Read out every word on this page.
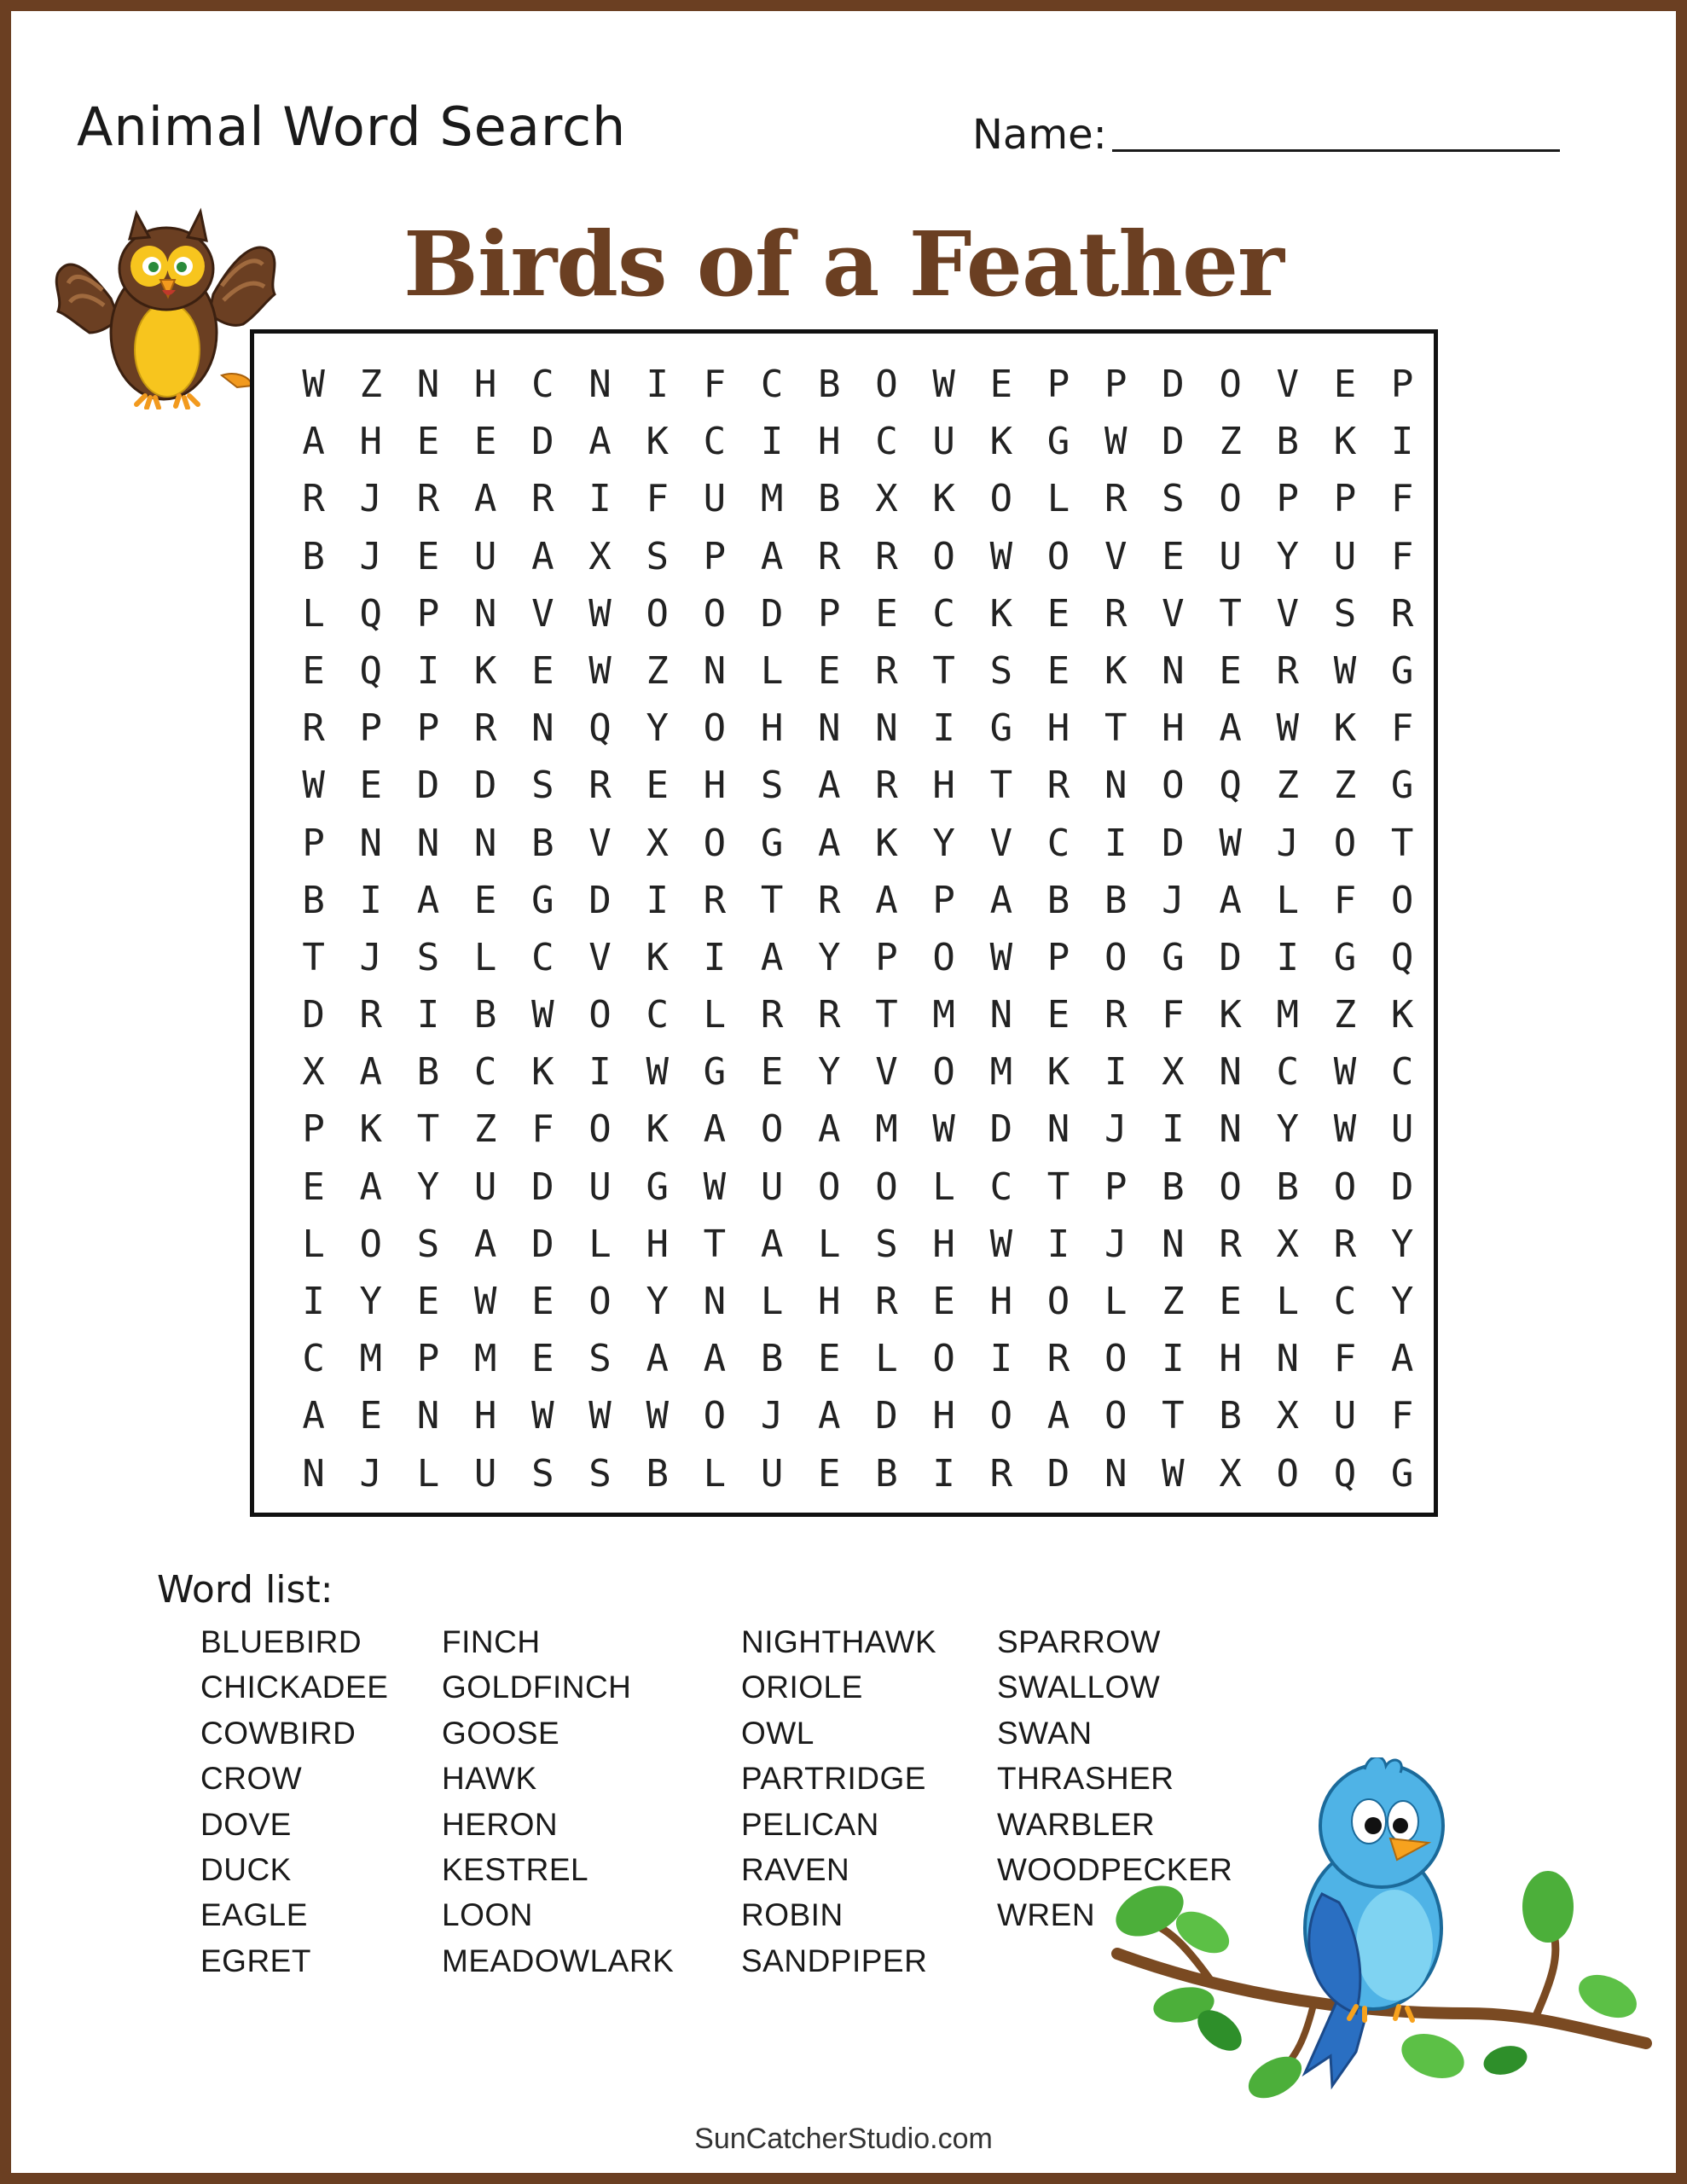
Animal Word Search	Name:
Birds of a Feather
W Z N H C N I F C B O W E P P D O V E P
A H E E D A K C I H C U K G W D Z B K I
R J R A R I F U M B X K O L R S O P P F
B J E U A X S P A R R O W O V E U Y U F
L Q P N V W O O D P E C K E R V T V S R
E Q I K E W Z N L E R T S E K N E R W G
R P P R N Q Y O H N N I G H T H A W K F
W E D D S R E H S A R H T R N O Q Z Z G
P N N N B V X O G A K Y V C I D W J O T
B I A E G D I R T R A P A B B J A L F O
T J S L C V K I A Y P O W P O G D I G Q
D R I B W O C L R R T M N E R F K M Z K
X A B C K I W G E Y V O M K I X N C W C
P K T Z F O K A O A M W D N J I N Y W U
E A Y U D U G W U O O L C T P B O B O D
L O S A D L H T A L S H W I J N R X R Y
I Y E W E O Y N L H R E H O L Z E L C Y
C M P M E S A A B E L O I R O I H N F A
A E N H W W W O J A D H O A O T B X U F
N J L U S S B L U E B I R D N W X O Q G
Word list:
BLUEBIRD
CHICKADEE
COWBIRD
CROW
DOVE
DUCK
EAGLE
EGRET
FINCH
GOLDFINCH
GOOSE
HAWK
HERON
KESTREL
LOON
MEADOWLARK
NIGHTHAWK
ORIOLE
OWL
PARTRIDGE
PELICAN
RAVEN
ROBIN
SANDPIPER
SPARROW
SWALLOW
SWAN
THRASHER
WARBLER
WOODPECKER
WREN
SunCatcherStudio.com
